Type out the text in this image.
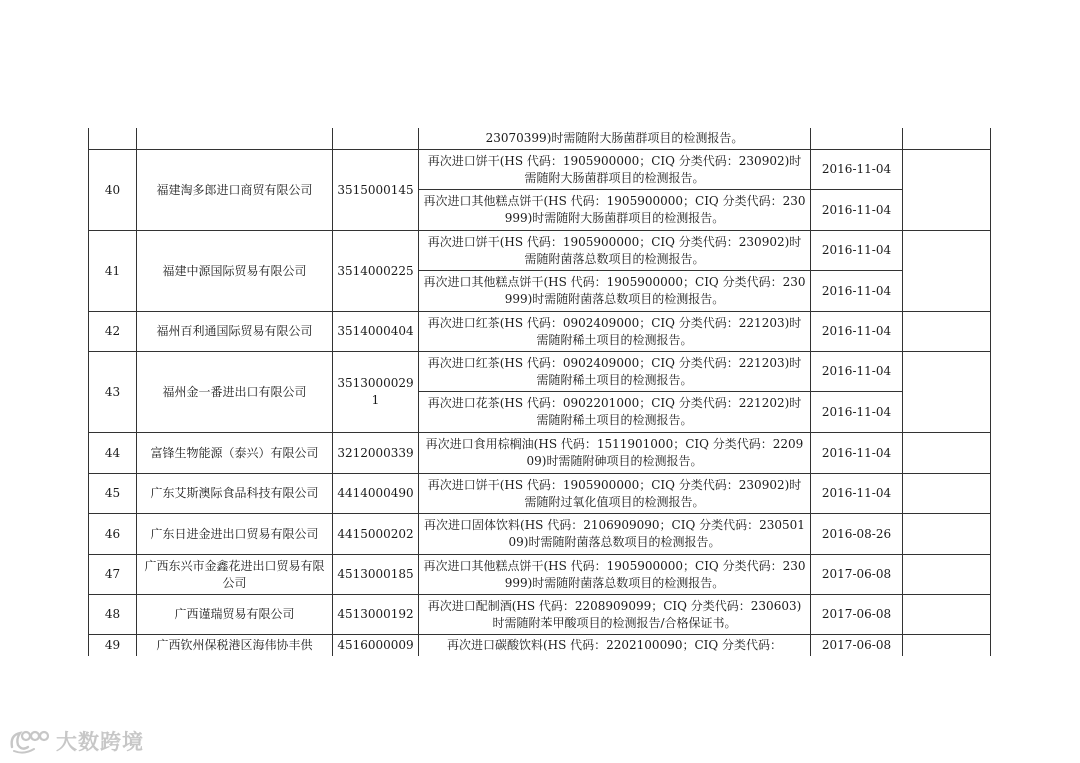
			23070399)时需随附大肠菌群项目的检测报告。		
40	福建淘多郎进口商贸有限公司	3515000145	再次进口饼干(HS 代码：1905900000；CIQ 分类代码：230902)时需随附大肠菌群项目的检测报告。	2016-11-04	
			再次进口其他糕点饼干(HS 代码：1905900000；CIQ 分类代码：230999)时需随附大肠菌群项目的检测报告。	2016-11-04	
41	福建中源国际贸易有限公司	3514000225	再次进口饼干(HS 代码：1905900000；CIQ 分类代码：230902)时需随附菌落总数项目的检测报告。	2016-11-04	
			再次进口其他糕点饼干(HS 代码：1905900000；CIQ 分类代码：230999)时需随附菌落总数项目的检测报告。	2016-11-04	
42	福州百利通国际贸易有限公司	3514000404	再次进口红茶(HS 代码：0902409000；CIQ 分类代码：221203)时需随附稀土项目的检测报告。	2016-11-04	
43	福州金一番进出口有限公司	35130000291	再次进口红茶(HS 代码：0902409000；CIQ 分类代码：221203)时需随附稀土项目的检测报告。	2016-11-04	
			再次进口花茶(HS 代码：0902201000；CIQ 分类代码：221202)时需随附稀土项目的检测报告。	2016-11-04	
44	富锋生物能源（泰兴）有限公司	3212000339	再次进口食用棕榈油(HS 代码：1511901000；CIQ 分类代码：220909)时需随附砷项目的检测报告。	2016-11-04	
45	广东艾斯澳际食品科技有限公司	4414000490	再次进口饼干(HS 代码：1905900000；CIQ 分类代码：230902)时需随附过氧化值项目的检测报告。	2016-11-04	
46	广东日进金进出口贸易有限公司	4415000202	再次进口固体饮料(HS 代码：2106909090；CIQ 分类代码：23050109)时需随附菌落总数项目的检测报告。	2016-08-26	
47	广西东兴市金鑫花进出口贸易有限公司	4513000185	再次进口其他糕点饼干(HS 代码：1905900000；CIQ 分类代码：230999)时需随附菌落总数项目的检测报告。	2017-06-08	
48	广西谨瑞贸易有限公司	4513000192	再次进口配制酒(HS 代码：2208909099；CIQ 分类代码：230603)时需随附苯甲酸项目的检测报告/合格保证书。	2017-06-08	
49	广西钦州保税港区海伟协丰供	4516000009	再次进口碳酸饮料(HS 代码：2202100090；CIQ 分类代码：	2017-06-08	
大数跨境
